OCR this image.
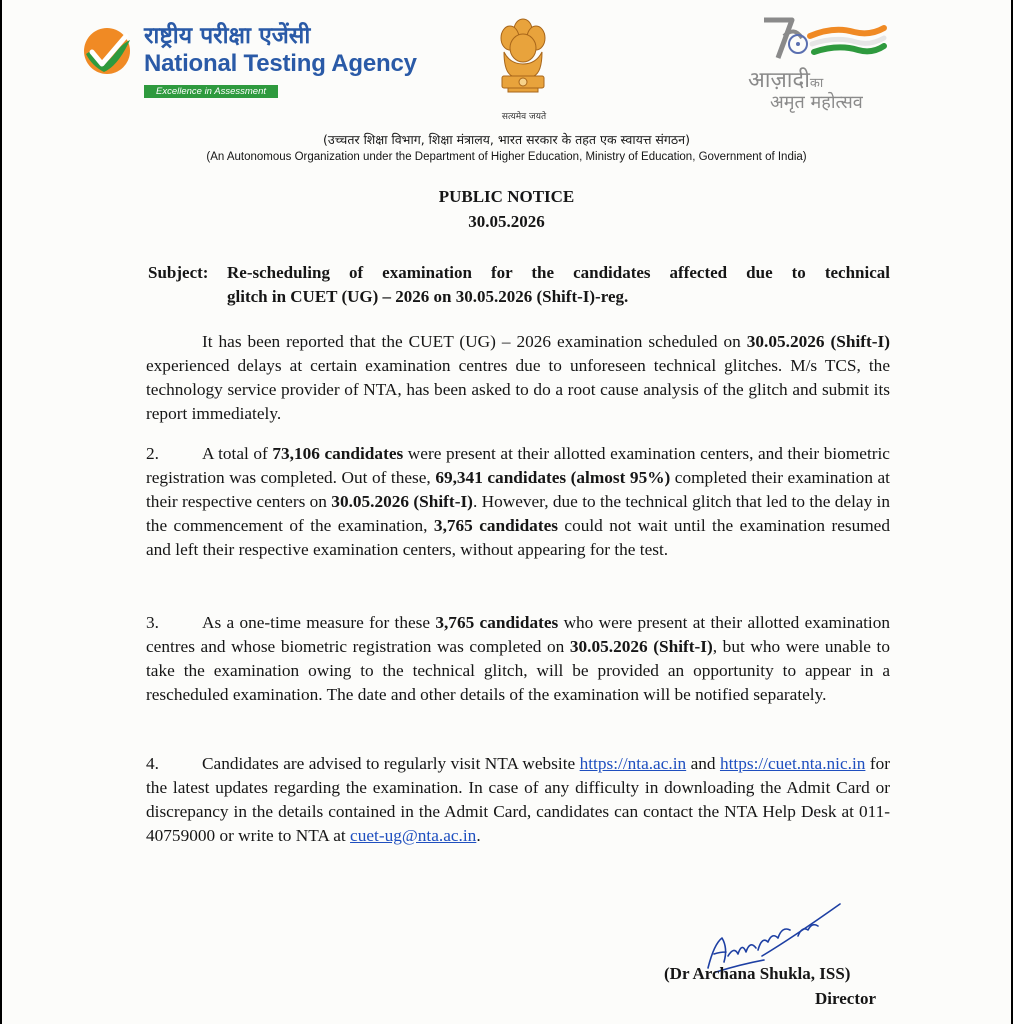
राष्ट्रीय परीक्षा एजेंसी
National Testing Agency
Excellence in Assessment
सत्यमेव जयते
आज़ादीका
अमृत महोत्सव
(उच्चतर शिक्षा विभाग, शिक्षा मंत्रालय, भारत सरकार के तहत एक स्वायत्त संगठन)
(An Autonomous Organization under the Department of Higher Education, Ministry of Education, Government of India)
PUBLIC NOTICE
30.05.2026
Subject:	Re-scheduling of examination for the candidates affected due to technical
glitch in CUET (UG) – 2026 on 30.05.2026 (Shift-I)-reg.

It has been reported that the CUET (UG) – 2026 examination scheduled on 30.05.2026 (Shift-I) experienced delays at certain examination centres due to unforeseen technical glitches. M/s TCS, the technology service provider of NTA, has been asked to do a root cause analysis of the glitch and submit its report immediately.

2. A total of 73,106 candidates were present at their allotted examination centers, and their biometric registration was completed. Out of these, 69,341 candidates (almost 95%) completed their examination at their respective centers on 30.05.2026 (Shift-I). However, due to the technical glitch that led to the delay in the commencement of the examination, 3,765 candidates could not wait until the examination resumed and left their respective examination centers, without appearing for the test.

3. As a one-time measure for these 3,765 candidates who were present at their allotted examination centres and whose biometric registration was completed on 30.05.2026 (Shift-I), but who were unable to take the examination owing to the technical glitch, will be provided an opportunity to appear in a rescheduled examination. The date and other details of the examination will be notified separately.

4. Candidates are advised to regularly visit NTA website https://nta.ac.in and https://cuet.nta.nic.in for the latest updates regarding the examination. In case of any difficulty in downloading the Admit Card or discrepancy in the details contained in the Admit Card, candidates can contact the NTA Help Desk at 011-40759000 or write to NTA at cuet-ug@nta.ac.in.

(Dr Archana Shukla, ISS)
Director
